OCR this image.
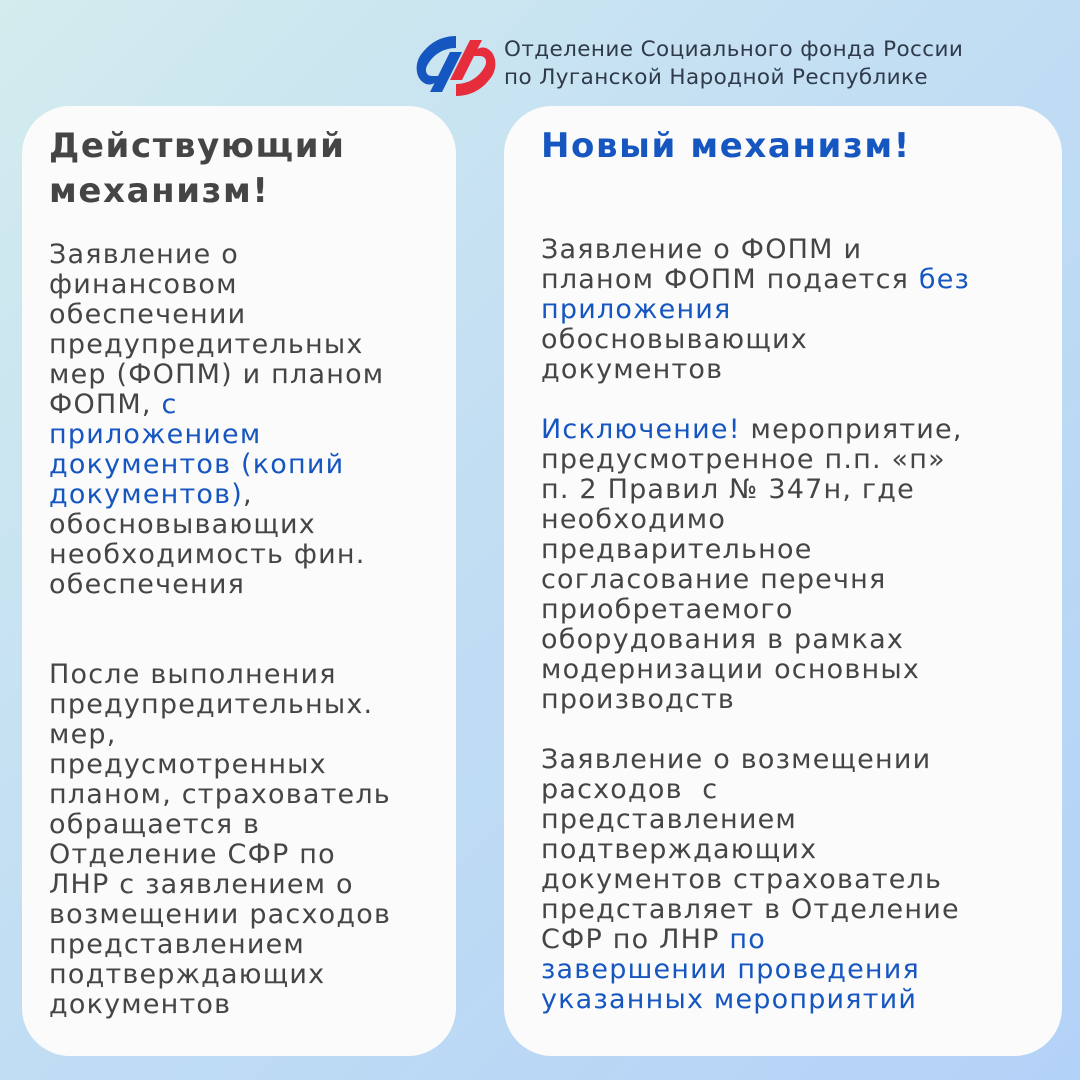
Отделение Социального фонда России
по Луганской Народной Республике
Действующий
механизм!

Заявление о
финансовом
обеспечении
предупредительных
мер (ФОПМ) и планом
ФОПМ, с
приложением
документов (копий
документов),
обосновывающих
необходимость фин.
обеспечения

После выполнения
предупредительных.
мер,
предусмотренных
планом, страхователь
обращается в
Отделение СФР по
ЛНР с заявлением о
возмещении расходов
представлением
подтверждающих
документов

Новый механизм!

Заявление о ФОПМ и
планом ФОПМ подается без
приложения
обосновывающих
документов

Исключение! мероприятие,
предусмотренное п.п. «п»
п. 2 Правил № 347н, где
необходимо
предварительное
согласование перечня
приобретаемого
оборудования в рамках
модернизации основных
производств

Заявление о возмещении
расходов  с
представлением
подтверждающих
документов страхователь
представляет в Отделение
СФР по ЛНР по
завершении проведения
указанных мероприятий
